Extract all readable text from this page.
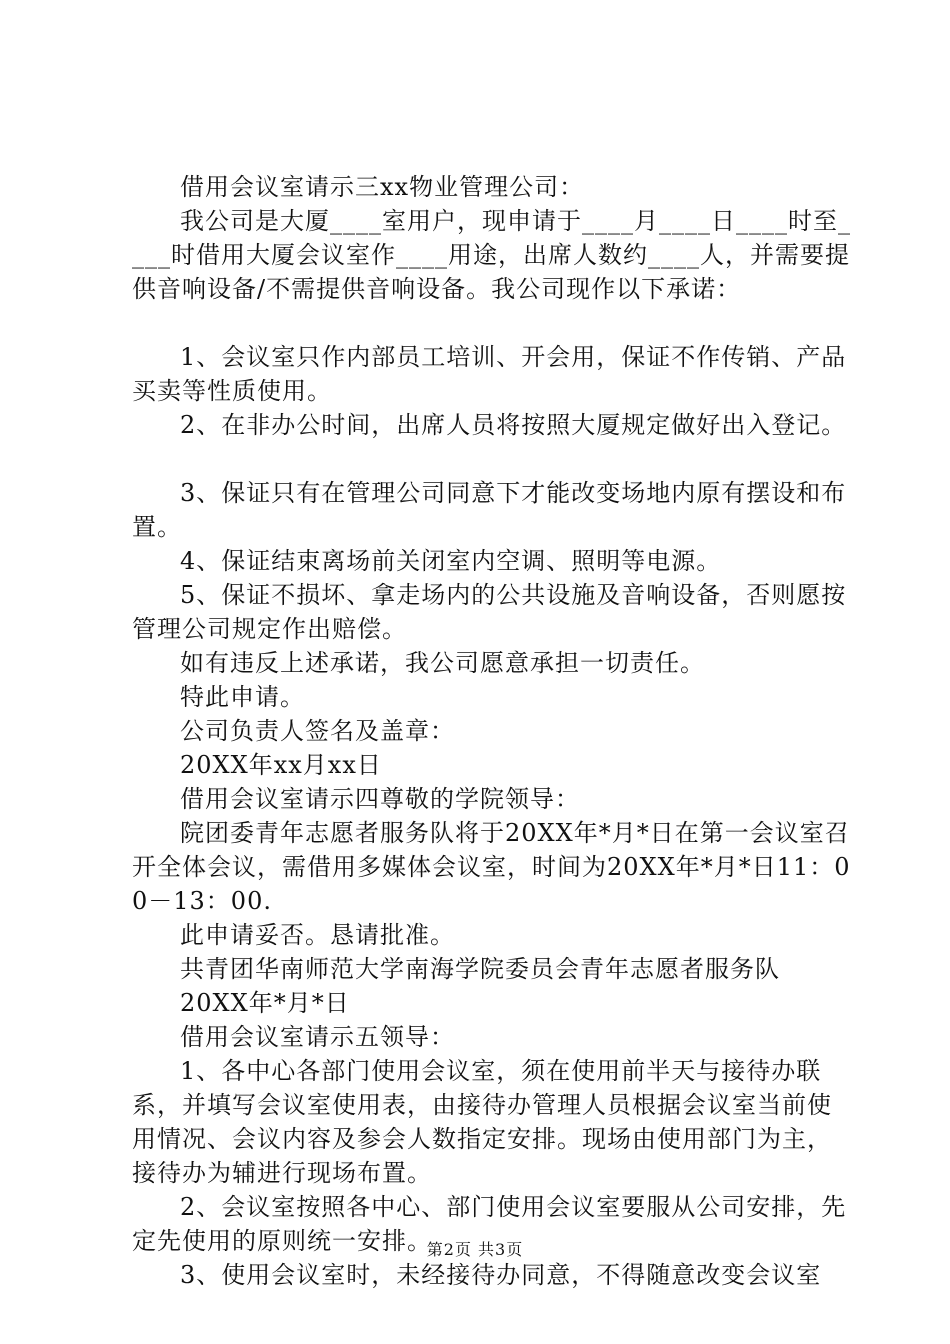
借用会议室请示三xx物业管理公司：

我公司是大厦____室用户，现申请于____月____日____时至____时借用大厦会议室作____用途，出席人数约____人，并需要提供音响设备/不需提供音响设备。我公司现作以下承诺：

1、会议室只作内部员工培训、开会用，保证不作传销、产品买卖等性质使用。

2、在非办公时间，出席人员将按照大厦规定做好出入登记。

3、保证只有在管理公司同意下才能改变场地内原有摆设和布置。

4、保证结束离场前关闭室内空调、照明等电源。

5、保证不损坏、拿走场内的公共设施及音响设备，否则愿按管理公司规定作出赔偿。

如有违反上述承诺，我公司愿意承担一切责任。

特此申请。

公司负责人签名及盖章：

20XX年xx月xx日

借用会议室请示四尊敬的学院领导：

院团委青年志愿者服务队将于20XX年*月*日在第一会议室召开全体会议，需借用多媒体会议室，时间为20XX年*月*日11：00－13：00.

此申请妥否。恳请批准。

共青团华南师范大学南海学院委员会青年志愿者服务队

20XX年*月*日

借用会议室请示五领导：

1、各中心各部门使用会议室，须在使用前半天与接待办联系，并填写会议室使用表，由接待办管理人员根据会议室当前使用情况、会议内容及参会人数指定安排。现场由使用部门为主，接待办为辅进行现场布置。

2、会议室按照各中心、部门使用会议室要服从公司安排，先定先使用的原则统一安排。

3、使用会议室时，未经接待办同意，不得随意改变会议室

第2页 共3页
